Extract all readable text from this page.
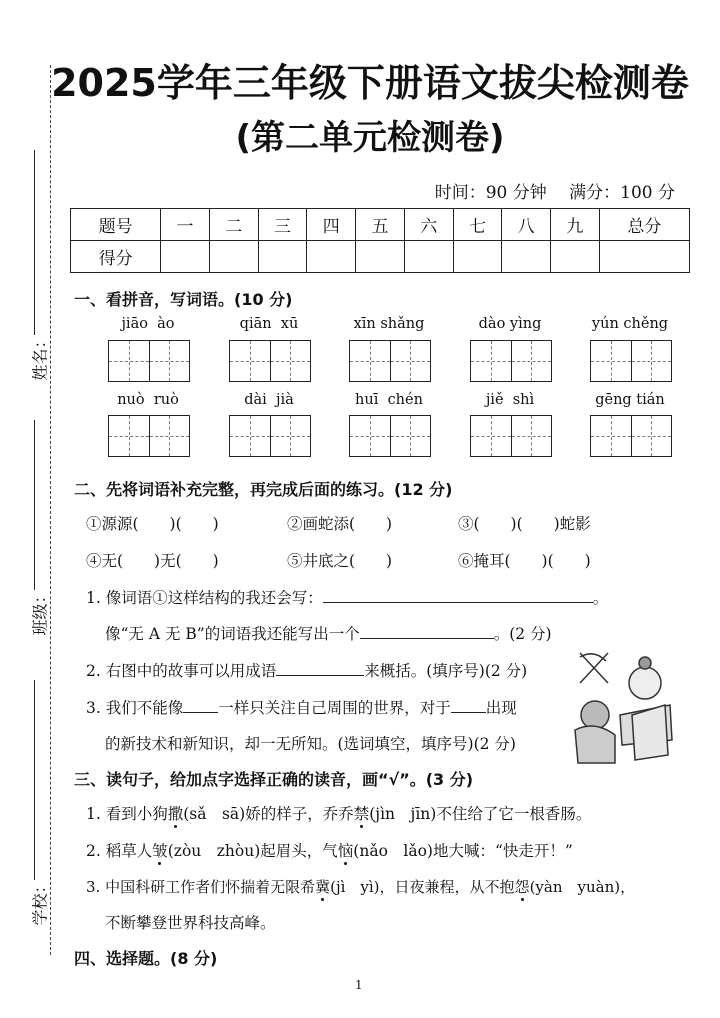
姓名：
班级：
学校：
2025学年三年级下册语文拔尖检测卷
(第二单元检测卷)
时间：90 分钟　 满分：100 分
题号	一	二	三	四	五	六	七	八	九	总分
得分										
一、看拼音，写词语。(10 分)
jiāo  ào	qiān  xū	xīn shǎng	dào yìng	yún chěng
nuò  ruò	dài  jià	huī  chén	jiě  shì	gēng tián
二、先将词语补充完整，再完成后面的练习。(12 分)
①源源(　　)(　　)	②画蛇添(　　)	③(　　)(　　)蛇影
④无(　　)无(　　)	⑤井底之(　　)	⑥掩耳(　　)(　　)
1. 像词语①这样结构的我还会写：	。
像“无 A 无 B”的词语我还能写出一个	。(2 分)
2. 右图中的故事可以用成语	来概括。(填序号)(2 分)
3. 我们不能像 一样只关注自己周围的世界，对于 出现
的新技术和新知识，却一无所知。(选词填空，填序号)(2 分)
三、读句子，给加点字选择正确的读音，画“√”。(3 分)
1. 看到小狗撒(sǎ　sā)娇的样子，乔乔禁(jìn　jīn)不住给了它一根香肠。
2. 稻草人皱(zòu　zhòu)起眉头，气恼(nǎo　lǎo)地大喊：“快走开！”
3. 中国科研工作者们怀揣着无限希冀(jì　yì)，日夜兼程，从不抱怨(yàn　yuàn)，
不断攀登世界科技高峰。
四、选择题。(8 分)
1
